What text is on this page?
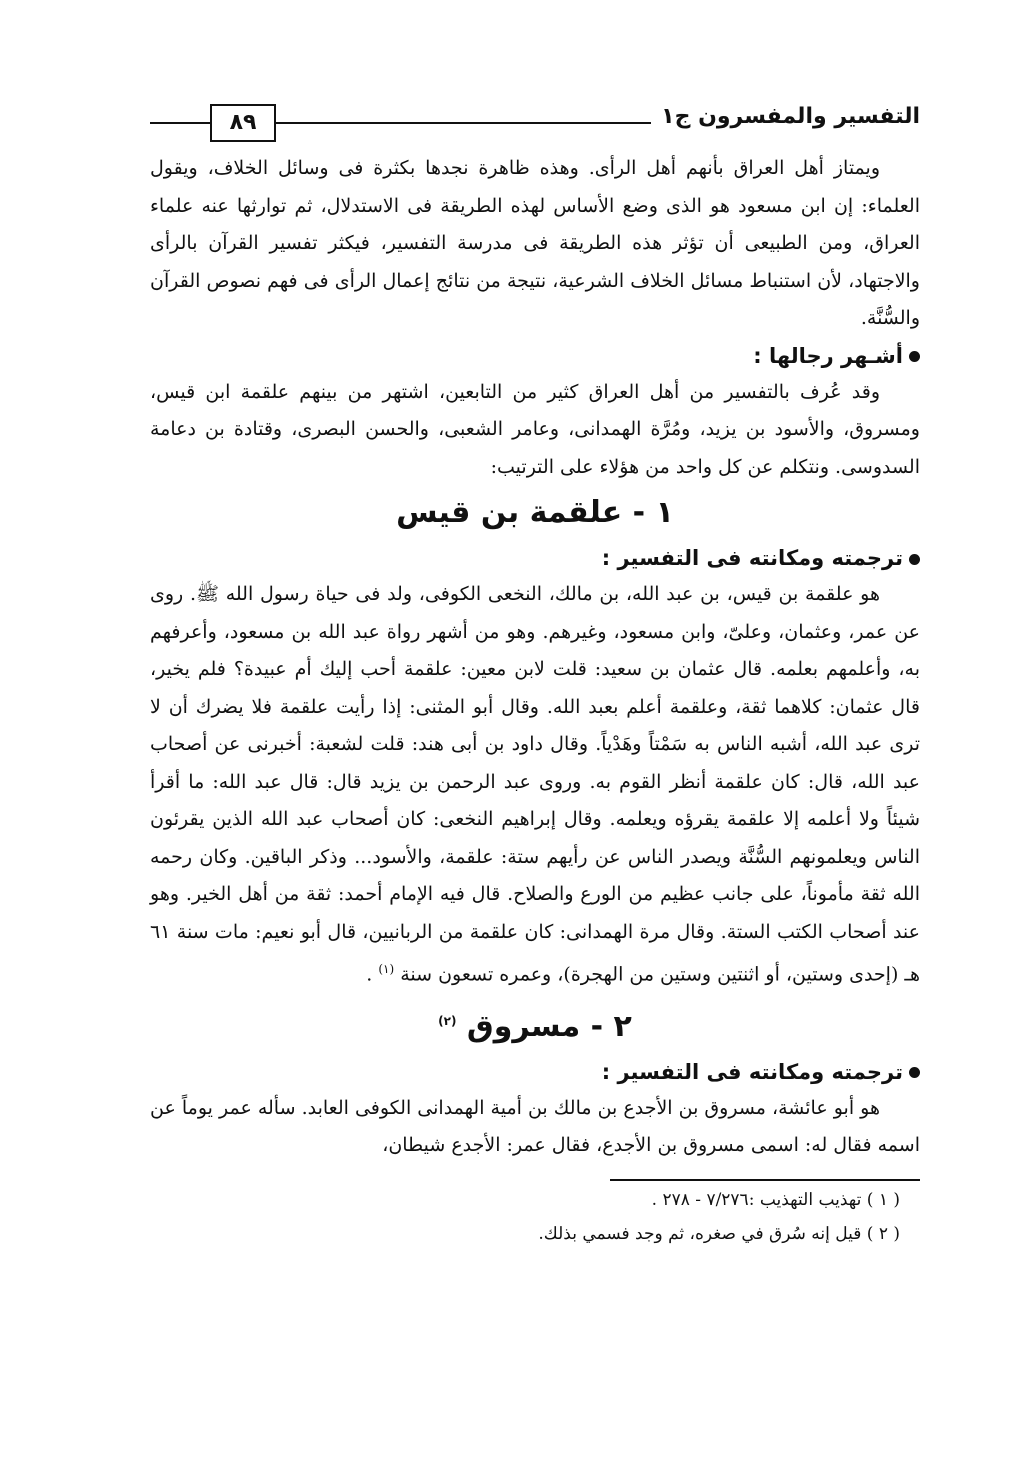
التفسير والمفسرون ج١
٨٩

ويمتاز أهل العراق بأنهم أهل الرأى. وهذه ظاهرة نجدها بكثرة فى وسائل الخلاف، ويقول العلماء: إن ابن مسعود هو الذى وضع الأساس لهذه الطريقة فى الاستدلال، ثم توارثها عنه علماء العراق، ومن الطبيعى أن تؤثر هذه الطريقة فى مدرسة التفسير، فيكثر تفسير القرآن بالرأى والاجتهاد، لأن استنباط مسائل الخلاف الشرعية، نتيجة من نتائج إعمال الرأى فى فهم نصوص القرآن والسُّنَّة.

أشـهر رجالها :

وقد عُرف بالتفسير من أهل العراق كثير من التابعين، اشتهر من بينهم علقمة ابن قيس، ومسروق، والأسود بن يزيد، ومُرَّة الهمدانى، وعامر الشعبى، والحسن البصرى، وقتادة بن دعامة السدوسى. ونتكلم عن كل واحد من هؤلاء على الترتيب:

١ - علقمة بن قيس

ترجمته ومكانته فى التفسير :

هو علقمة بن قيس، بن عبد الله، بن مالك، النخعى الكوفى، ولد فى حياة رسول الله ﷺ. روى عن عمر، وعثمان، وعلىّ، وابن مسعود، وغيرهم. وهو من أشهر رواة عبد الله بن مسعود، وأعرفهم به، وأعلمهم بعلمه. قال عثمان بن سعيد: قلت لابن معين: علقمة أحب إليك أم عبيدة؟ فلم يخير، قال عثمان: كلاهما ثقة، وعلقمة أعلم بعبد الله. وقال أبو المثنى: إذا رأيت علقمة فلا يضرك أن لا ترى عبد الله، أشبه الناس به سَمْتاً وهَدْياً. وقال داود بن أبى هند: قلت لشعبة: أخبرنى عن أصحاب عبد الله، قال: كان علقمة أنظر القوم به. وروى عبد الرحمن بن يزيد قال: قال عبد الله: ما أقرأ شيئاً ولا أعلمه إلا علقمة يقرؤه ويعلمه. وقال إبراهيم النخعى: كان أصحاب عبد الله الذين يقرئون الناس ويعلمونهم السُّنَّة ويصدر الناس عن رأيهم ستة: علقمة، والأسود... وذكر الباقين. وكان رحمه الله ثقة مأموناً، على جانب عظيم من الورع والصلاح. قال فيه الإمام أحمد: ثقة من أهل الخير. وهو عند أصحاب الكتب الستة. وقال مرة الهمدانى: كان علقمة من الربانيين، قال أبو نعيم: مات سنة ٦١ هـ (إحدى وستين، أو اثنتين وستين من الهجرة)، وعمره تسعون سنة $^{(١)}$ .

٢ - مسروق $^{(٢)}$

ترجمته ومكانته فى التفسير :

هو أبو عائشة، مسروق بن الأجدع بن مالك بن أمية الهمدانى الكوفى العابد. سأله عمر يوماً عن اسمه فقال له: اسمى مسروق بن الأجدع، فقال عمر: الأجدع شيطان،

( ١ ) تهذيب التهذيب :٧/٢٧٦ - ٢٧٨ .

( ٢ ) قيل إنه سُرق في صغره، ثم وجد فسمي بذلك.
